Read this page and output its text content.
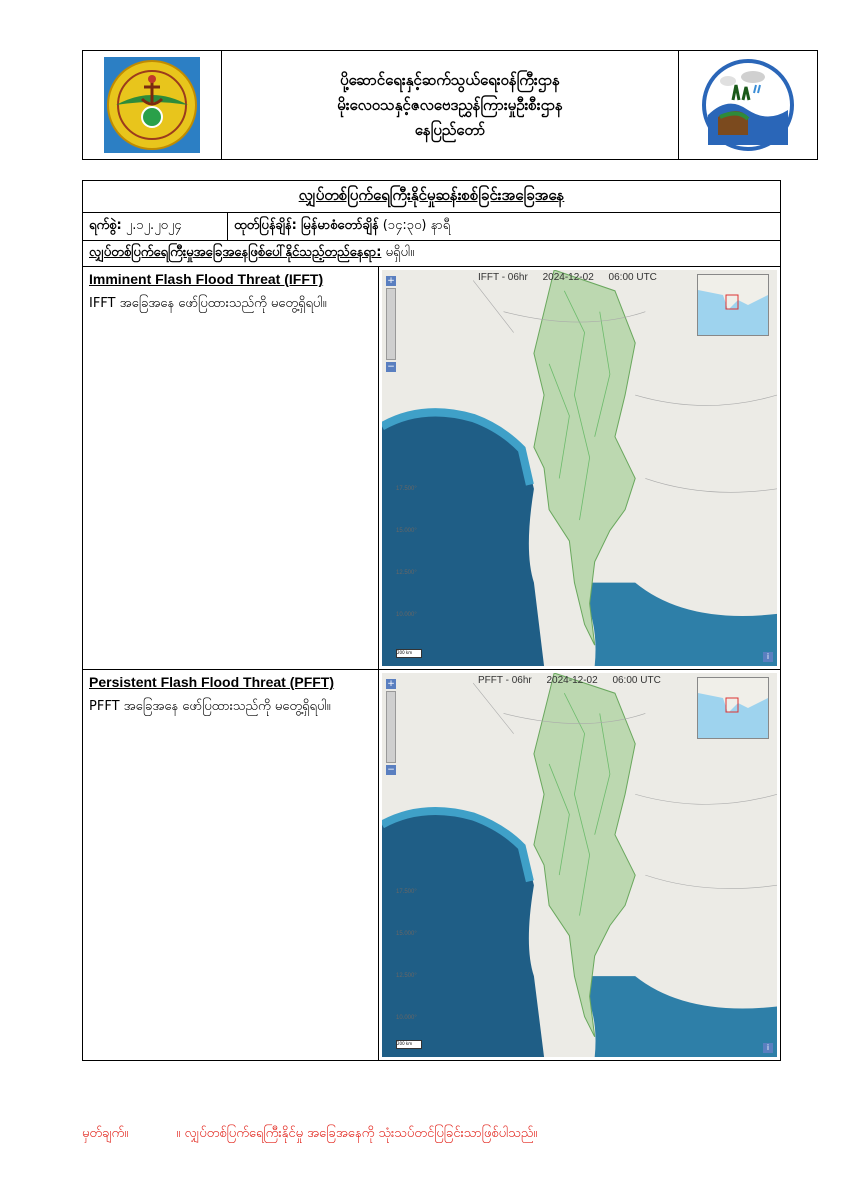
ပို့ဆောင်ရေးနှင့်ဆက်သွယ်ရေးဝန်ကြီးဌာန
မိုးလေဝသနှင့်ဇလဗေဒညွှန်ကြားမှုဦးစီးဌာန
နေပြည်တော်
လျှပ်တစ်ပြက်ရေကြီးနိုင်မှုဆန်းစစ်ခြင်းအခြေအနေ
ရက်စွဲ: ၂.၁၂.၂၀၂၄	ထုတ်ပြန်ချိန်: မြန်မာစံတော်ချိန် (၁၄:၃၀) နာရီ
လျှပ်တစ်ပြက်ရေကြီးမှုအခြေအနေဖြစ်ပေါ်နိုင်သည့်တည်နေရာ: မရှိပါ။
Imminent Flash Flood Threat (IFFT)
IFFT အခြေအနေ ဖော်ပြထားသည်ကို မတွေ့ရှိရပါ။
IFFT - 06hr 2024-12-02 06:00 UTC
+
−
17.500°
15.000°
12.500°
10.000°
200 km	i
Persistent Flash Flood Threat (PFFT)
PFFT အခြေအနေ ဖော်ပြထားသည်ကို မတွေ့ရှိရပါ။
PFFT - 06hr 2024-12-02 06:00 UTC
+
−
17.500°
15.000°
12.500°
10.000°
200 km	i
မှတ်ချက်။	။ လျှပ်တစ်ပြက်ရေကြီးနိုင်မှု အခြေအနေကို သုံးသပ်တင်ပြခြင်းသာဖြစ်ပါသည်။
